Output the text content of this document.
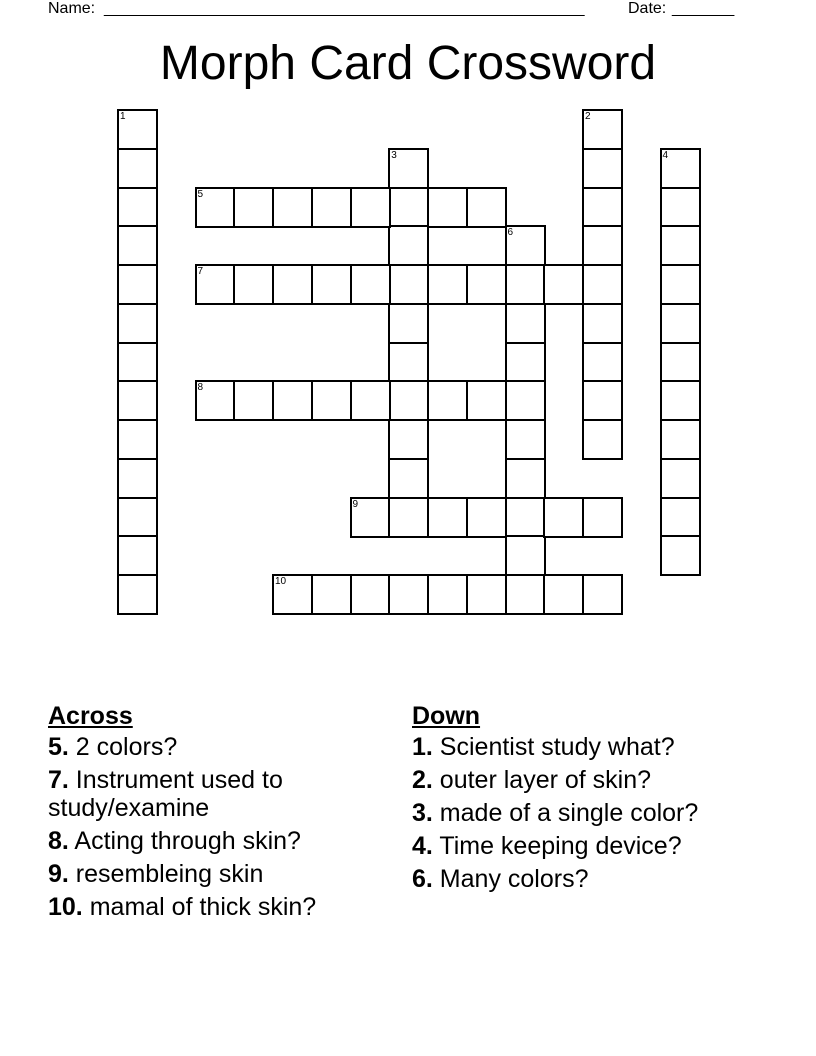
Name: ______________________________________________________	Date: _______
Morph Card Crossword
1	2
3	4
5
6
7
8
9
10
Across
5. 2 colors?
7. Instrument used to study/examine
8. Acting through skin?
9. resembleing skin
10. mamal of thick skin?
Down
1. Scientist study what?
2. outer layer of skin?
3. made of a single color?
4. Time keeping device?
6. Many colors?
